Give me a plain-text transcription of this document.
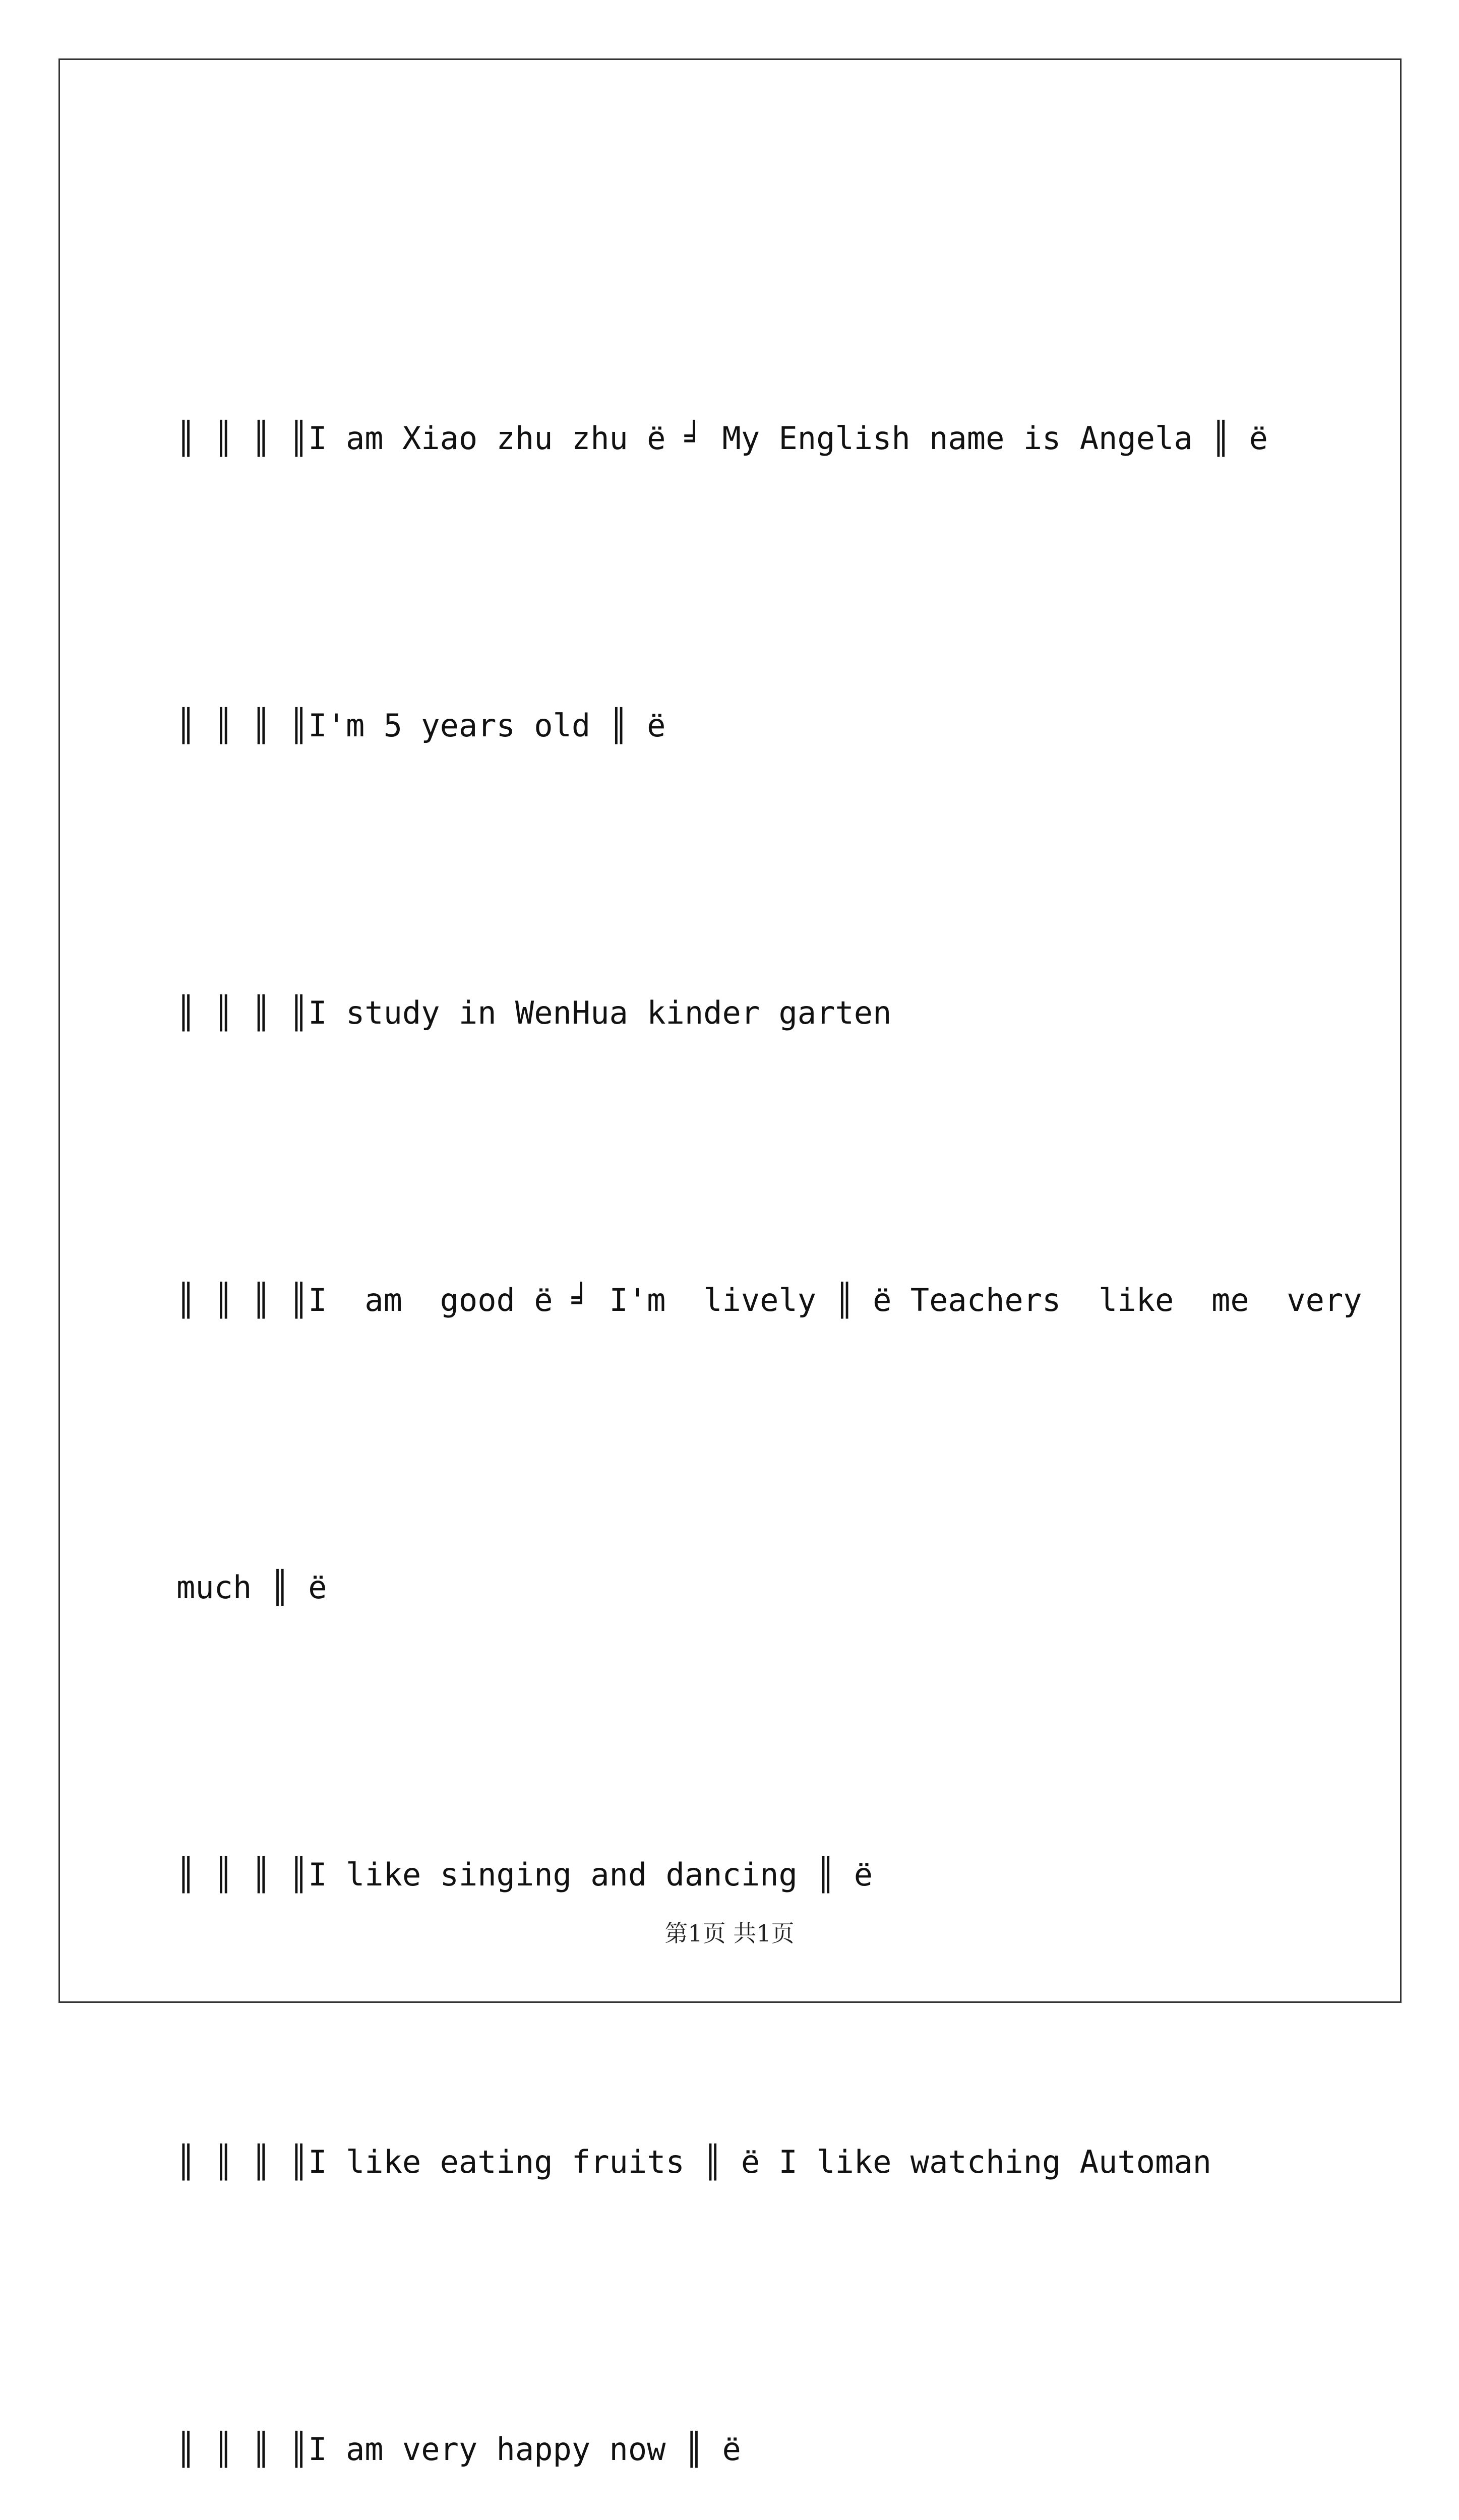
║ ║ ║ ║I am Xiao zhu zhu ё ╛ My English name is Angela ║ ё

║ ║ ║ ║I'm 5 years old ║ ё

║ ║ ║ ║I study in WenHua kinder garten

║ ║ ║ ║I  am  good ё ╛ I'm  lively ║ ё Teachers  like  me  very

much ║ ё

║ ║ ║ ║I like singing and dancing ║ ё

║ ║ ║ ║I like eating fruits ║ ё I like watching Automan

║ ║ ║ ║I am very happy now ║ ё

第1页 共1页
